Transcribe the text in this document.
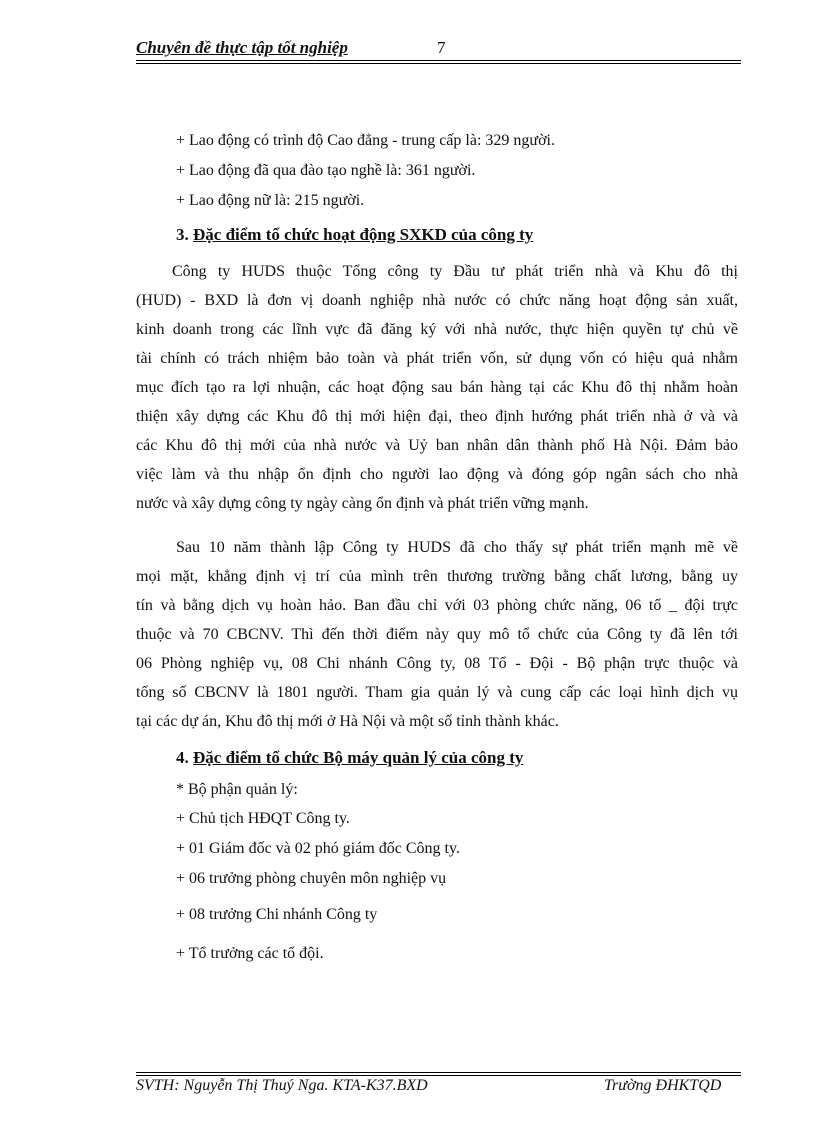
Chuyên đề thực tập tốt nghiệp	7
+ Lao động có trình độ Cao đẳng - trung cấp là: 329 người.
+ Lao động đã qua đào tạo nghề là: 361 người.
+ Lao động nữ là: 215 người.
3. Đặc điểm tổ chức hoạt động SXKD của công ty
Công ty HUDS thuộc Tổng công ty Đầu tư phát triển nhà và Khu đô thị
(HUD) - BXD là đơn vị doanh nghiệp nhà nước có chức năng hoạt động sản xuất,
kinh doanh trong các lĩnh vực đã đăng ký với nhà nước, thực hiện quyền tự chủ về
tài chính có trách nhiệm bảo toàn và phát triển vốn, sử dụng vốn có hiệu quả nhằm
mục đích tạo ra lợi nhuận, các hoạt động sau bán hàng tại các Khu đô thị nhằm hoàn
thiện xây dựng các Khu đô thị mới hiện đại, theo định hướng phát triển nhà ở và và
các Khu đô thị mới của nhà nước và Uỷ ban nhân dân thành phố Hà Nội. Đảm bảo
việc làm và thu nhập ổn định cho người lao động và đóng góp ngân sách cho nhà
nước và xây dựng công ty ngày càng ổn định và phát triển vững mạnh.
Sau 10 năm thành lập Công ty HUDS đã cho thấy sự phát triển mạnh mẽ về
mọi mặt, khẳng định vị trí của mình trên thương trường bằng chất lương, bằng uy
tín và bằng dịch vụ hoàn hảo. Ban đầu chỉ với 03 phòng chức năng, 06 tổ _ đội trực
thuộc và 70 CBCNV. Thì đến thời điểm này quy mô tổ chức của Công ty đã lên tới
06 Phòng nghiệp vụ, 08 Chi nhánh Công ty, 08 Tổ - Đội - Bộ phận trực thuộc và
tổng số CBCNV là 1801 người. Tham gia quản lý và cung cấp các loại hình dịch vụ
tại các dự án, Khu đô thị mới ở Hà Nội và một số tỉnh thành khác.
4. Đặc điểm tổ chức Bộ máy quản lý của công ty
* Bộ phận quản lý:
+ Chủ tịch HĐQT Công ty.
+ 01 Giám đốc và 02 phó giám đốc Công ty.
+ 06 trưởng phòng chuyên môn nghiệp vụ
+ 08 trưởng Chi nhánh Công ty
+ Tổ trưởng các tổ đội.
SVTH: Nguyễn Thị Thuý Nga. KTA-K37.BXD	Trường ĐHKTQD
